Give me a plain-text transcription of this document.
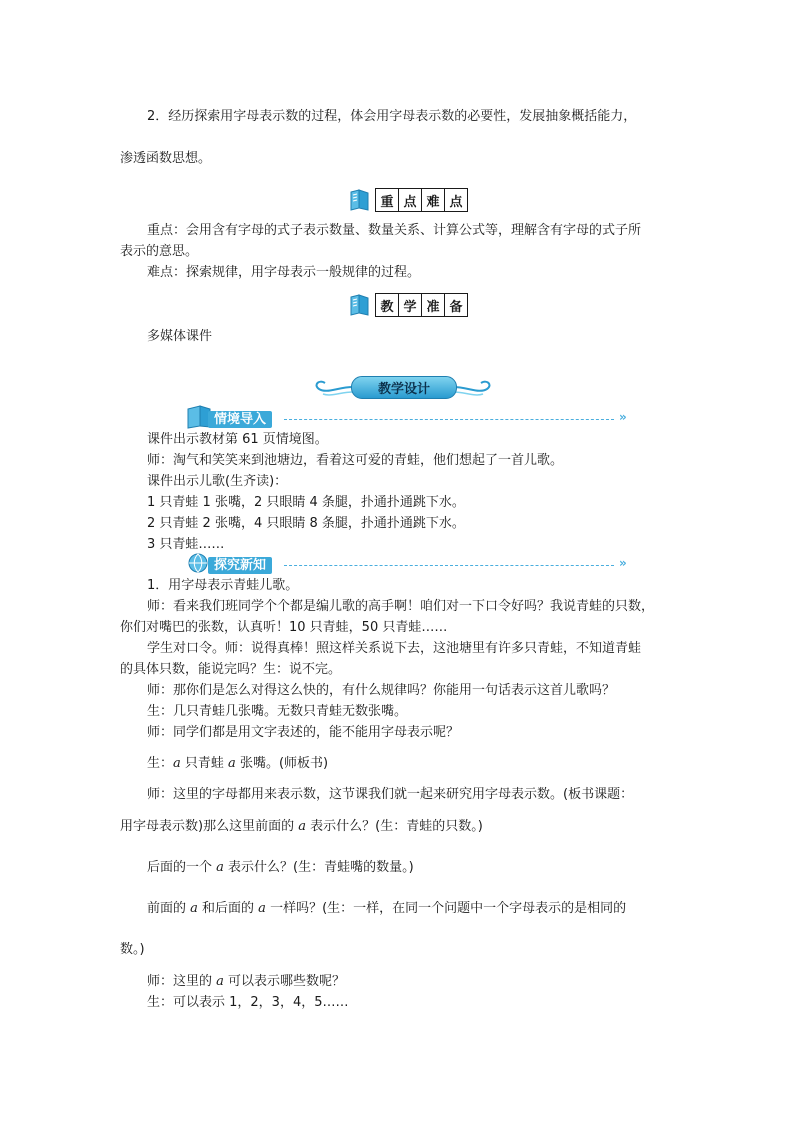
2．经历探索用字母表示数的过程，体会用字母表示数的必要性，发展抽象概括能力，
渗透函数思想。
重 点 难 点
重点：会用含有字母的式子表示数量、数量关系、计算公式等，理解含有字母的式子所
表示的意思。
难点：探索规律，用字母表示一般规律的过程。
教 学 准 备
多媒体课件
教学设计
情境导入	»
课件出示教材第 61 页情境图。
师：淘气和笑笑来到池塘边，看着这可爱的青蛙，他们想起了一首儿歌。
课件出示儿歌(生齐读)：
1 只青蛙 1 张嘴，2 只眼睛 4 条腿，扑通扑通跳下水。
2 只青蛙 2 张嘴，4 只眼睛 8 条腿，扑通扑通跳下水。
3 只青蛙……
探究新知	»
1．用字母表示青蛙儿歌。
师：看来我们班同学个个都是编儿歌的高手啊！咱们对一下口令好吗？我说青蛙的只数，
你们对嘴巴的张数，认真听！10 只青蛙，50 只青蛙……
学生对口令。师：说得真棒！照这样关系说下去，这池塘里有许多只青蛙，不知道青蛙
的具体只数，能说完吗？生：说不完。
师：那你们是怎么对得这么快的，有什么规律吗？你能用一句话表示这首儿歌吗？
生：几只青蛙几张嘴。无数只青蛙无数张嘴。
师：同学们都是用文字表述的，能不能用字母表示呢？
生：a 只青蛙 a 张嘴。(师板书)
师：这里的字母都用来表示数，这节课我们就一起来研究用字母表示数。(板书课题：
用字母表示数)那么这里前面的 a 表示什么？(生：青蛙的只数。)
后面的一个 a 表示什么？(生：青蛙嘴的数量。)
前面的 a 和后面的 a 一样吗？(生：一样，在同一个问题中一个字母表示的是相同的
数。)
师：这里的 a 可以表示哪些数呢？
生：可以表示 1，2，3，4，5……
